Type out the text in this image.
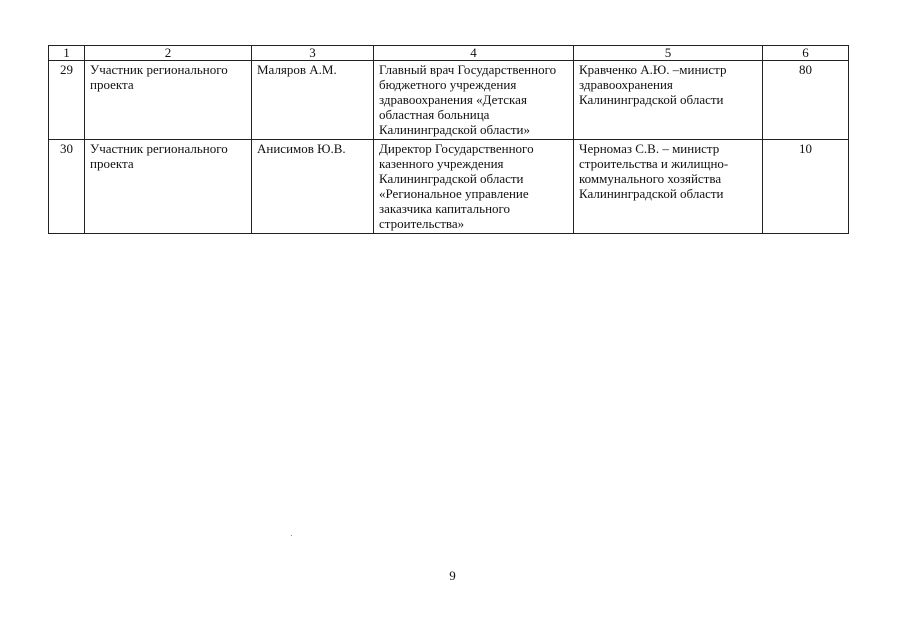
1	2	3	4	5	6
29	Участник регионального проекта	Маляров А.М.	Главный врач Государственного бюджетного учреждения здравоохранения «Детская областная больница Калининградской области»	Кравченко А.Ю. –министр здравоохранения Калининградской области	80
30	Участник регионального проекта	Анисимов Ю.В.	Директор Государственного казенного учреждения Калининградской области «Региональное управление заказчика капитального строительства»	Черномаз С.В. – министр строительства и жилищно-коммунального хозяйства Калининградской области	10
9
